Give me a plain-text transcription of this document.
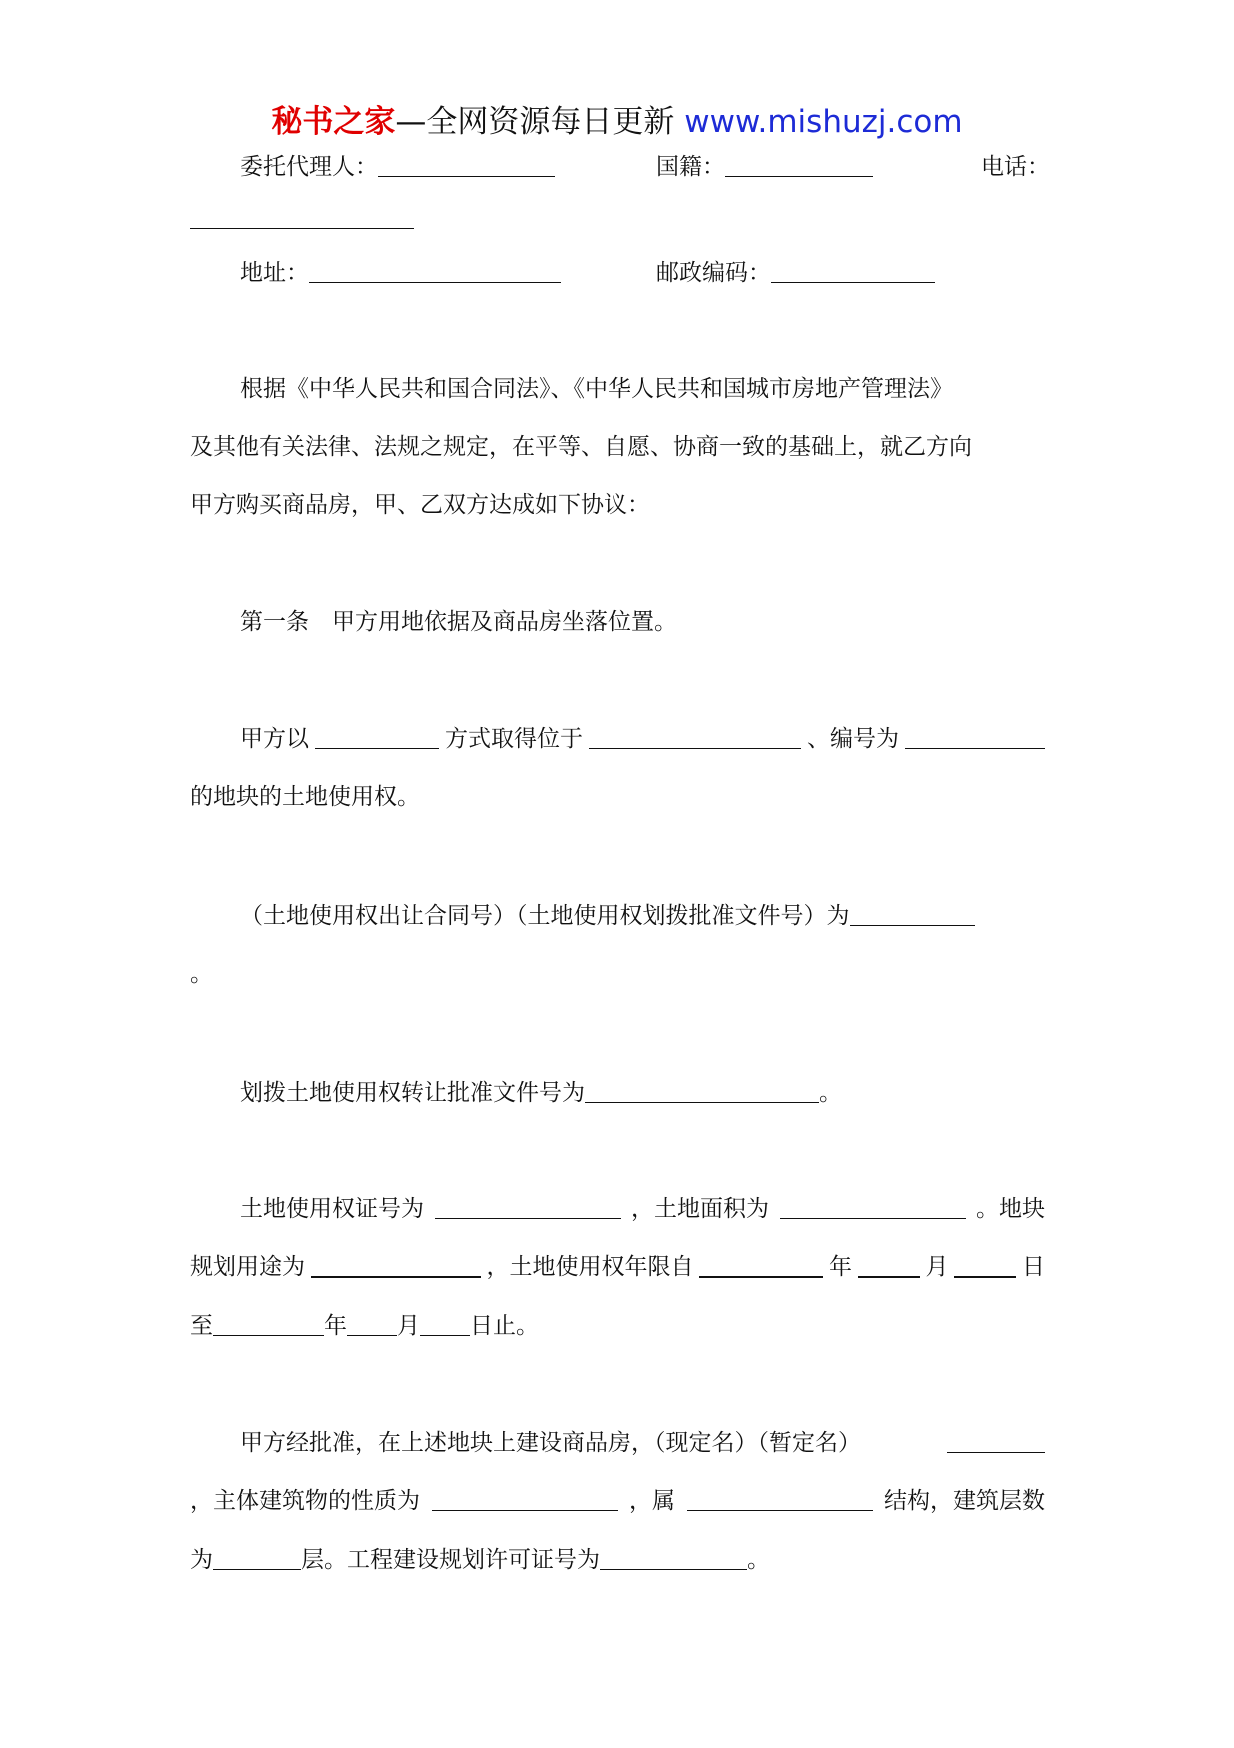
秘书之家—全网资源每日更新 www.mishuzj.com
委托代理人：	国籍：	电话：
地址：	邮政编码：
根据《中华人民共和国合同法》、《中华人民共和国城市房地产管理法》
及其他有关法律、法规之规定，在平等、自愿、协商一致的基础上，就乙方向
甲方购买商品房，甲、乙双方达成如下协议：
第一条　甲方用地依据及商品房坐落位置。
甲方以	方式取得位于	、编号为
的地块的土地使用权。
（土地使用权出让合同号）（土地使用权划拨批准文件号）为
。
划拨土地使用权转让批准文件号为	。
土地使用权证号为	，土地面积为	。地块
规划用途为	，土地使用权年限自	年	月	日
至	年 月 日止。
甲方经批准，在上述地块上建设商品房，（现定名）（暂定名）
，主体建筑物的性质为	，属	结构，建筑层数
为	层。工程建设规划许可证号为	。
